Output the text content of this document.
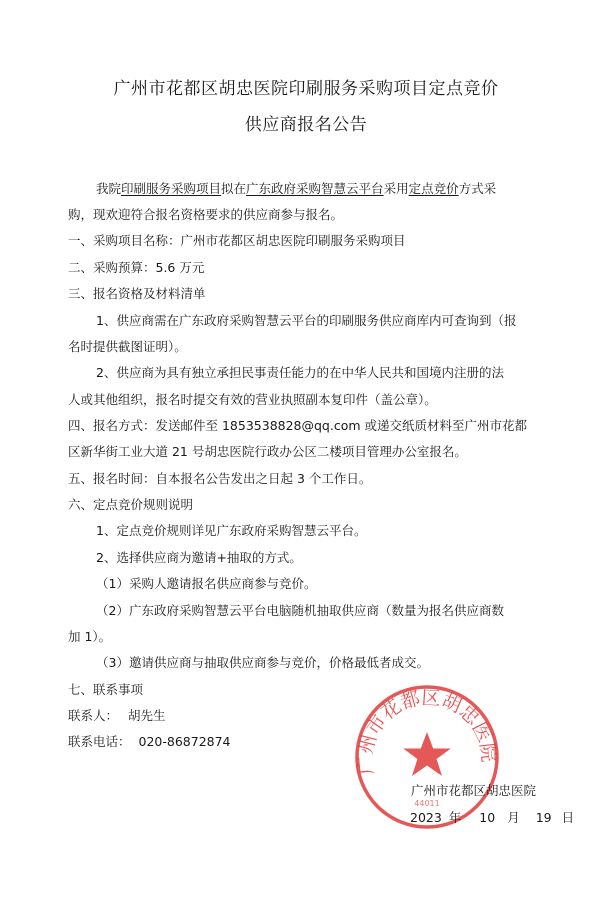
广州市花都区胡忠医院印刷服务采购项目定点竞价
供应商报名公告
我院印刷服务采购项目拟在广东政府采购智慧云平台采用定点竞价方式采
购，现欢迎符合报名资格要求的供应商参与报名。
一、采购项目名称：广州市花都区胡忠医院印刷服务采购项目
二、采购预算：5.6 万元
三、报名资格及材料清单
1、供应商需在广东政府采购智慧云平台的印刷服务供应商库内可查询到（报
名时提供截图证明）。
2、供应商为具有独立承担民事责任能力的在中华人民共和国境内注册的法
人或其他组织，报名时提交有效的营业执照副本复印件（盖公章）。
四、报名方式：发送邮件至 1853538828@qq.com 或递交纸质材料至广州市花都
区新华街工业大道 21 号胡忠医院行政办公区二楼项目管理办公室报名。
五、报名时间：自本报名公告发出之日起 3 个工作日。
六、定点竞价规则说明
1、定点竞价规则详见广东政府采购智慧云平台。
2、选择供应商为邀请+抽取的方式。
（1）采购人邀请报名供应商参与竞价。
（2）广东政府采购智慧云平台电脑随机抽取供应商（数量为报名供应商数
加 1）。
（3）邀请供应商与抽取供应商参与竞价，价格最低者成交。
七、联系事项
联系人： 胡先生
联系电话： 020-86872874
广州市花都区胡忠医院
44011
广州市花都区胡忠医院
2023 年 10 月 19 日
